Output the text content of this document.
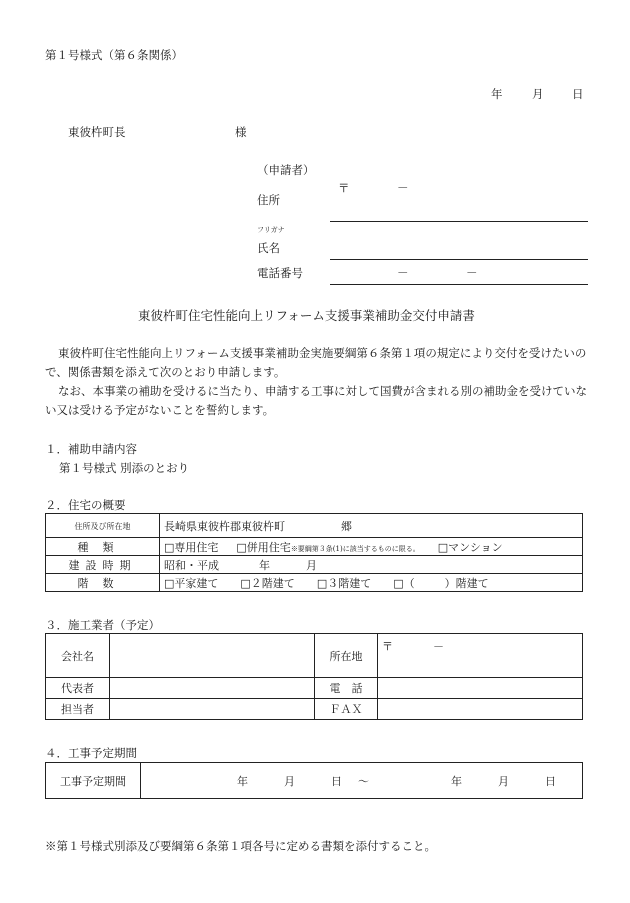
第１号様式（第６条関係）
年	月 日
東彼杵町長	様
（申請者）
〒	－
住所
フリガナ
氏名
電話番号	－	－
東彼杵町住宅性能向上リフォーム支援事業補助金交付申請書
東彼杵町住宅性能向上リフォーム支援事業補助金実施要綱第６条第１項の規定により交付を受けたいので、関係書類を添えて次のとおり申請します。
なお、本事業の補助を受けるに当たり、申請する工事に対して国費が含まれる別の補助金を受けていない又は受ける予定がないことを誓約します。
１．補助申請内容
第１号様式 別添のとおり
２．住宅の概要
住所及び所在地	長崎県東彼杵郡東彼杵町 郷
種類	□専用住宅 □併用住宅※要綱第３条(1)に該当するものに限る。 □マンション
建設時期	昭和・平成 年 月
階数	□平家建て □２階建て □３階建て □（ ）階建て
３．施工業者（予定）
会社名		所在地	〒 －
代表者		電　話	
担当者		ＦＡＸ	
４．工事予定期間
工事予定期間	年	月	日 ～	年	月	日
※第１号様式別添及び要綱第６条第１項各号に定める書類を添付すること。
